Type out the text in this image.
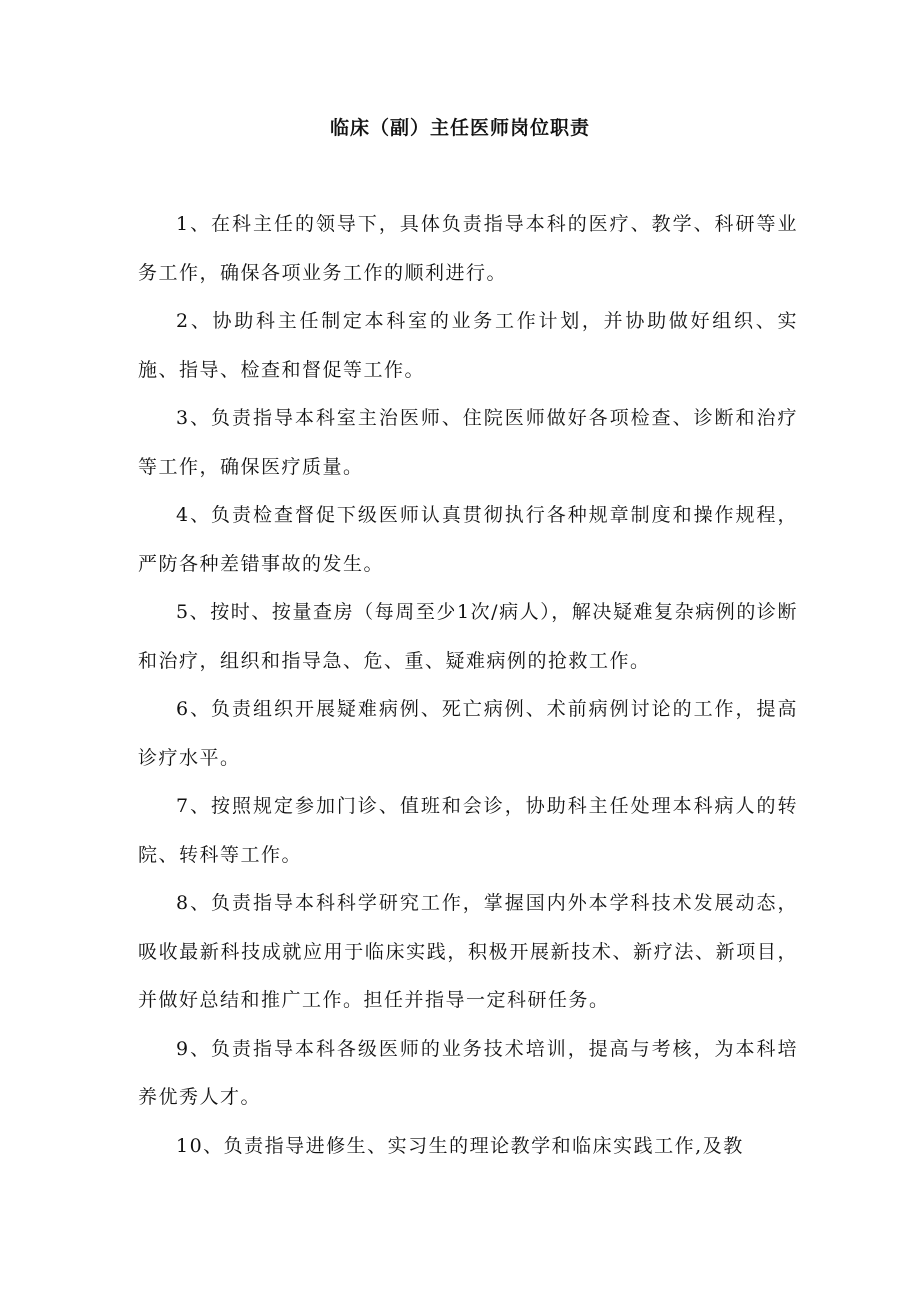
临床（副）主任医师岗位职责

1、在科主任的领导下，具体负责指导本科的医疗、教学、科研等业务工作，确保各项业务工作的顺利进行。

2、协助科主任制定本科室的业务工作计划，并协助做好组织、实施、指导、检查和督促等工作。

3、负责指导本科室主治医师、住院医师做好各项检查、诊断和治疗等工作，确保医疗质量。

4、负责检查督促下级医师认真贯彻执行各种规章制度和操作规程，严防各种差错事故的发生。

5、按时、按量查房（每周至少1次/病人），解决疑难复杂病例的诊断和治疗，组织和指导急、危、重、疑难病例的抢救工作。

6、负责组织开展疑难病例、死亡病例、术前病例讨论的工作，提高诊疗水平。

7、按照规定参加门诊、值班和会诊，协助科主任处理本科病人的转院、转科等工作。

8、负责指导本科科学研究工作，掌握国内外本学科技术发展动态，吸收最新科技成就应用于临床实践，积极开展新技术、新疗法、新项目，并做好总结和推广工作。担任并指导一定科研任务。

9、负责指导本科各级医师的业务技术培训，提高与考核，为本科培养优秀人才。

10、负责指导进修生、实习生的理论教学和临床实践工作,及教
